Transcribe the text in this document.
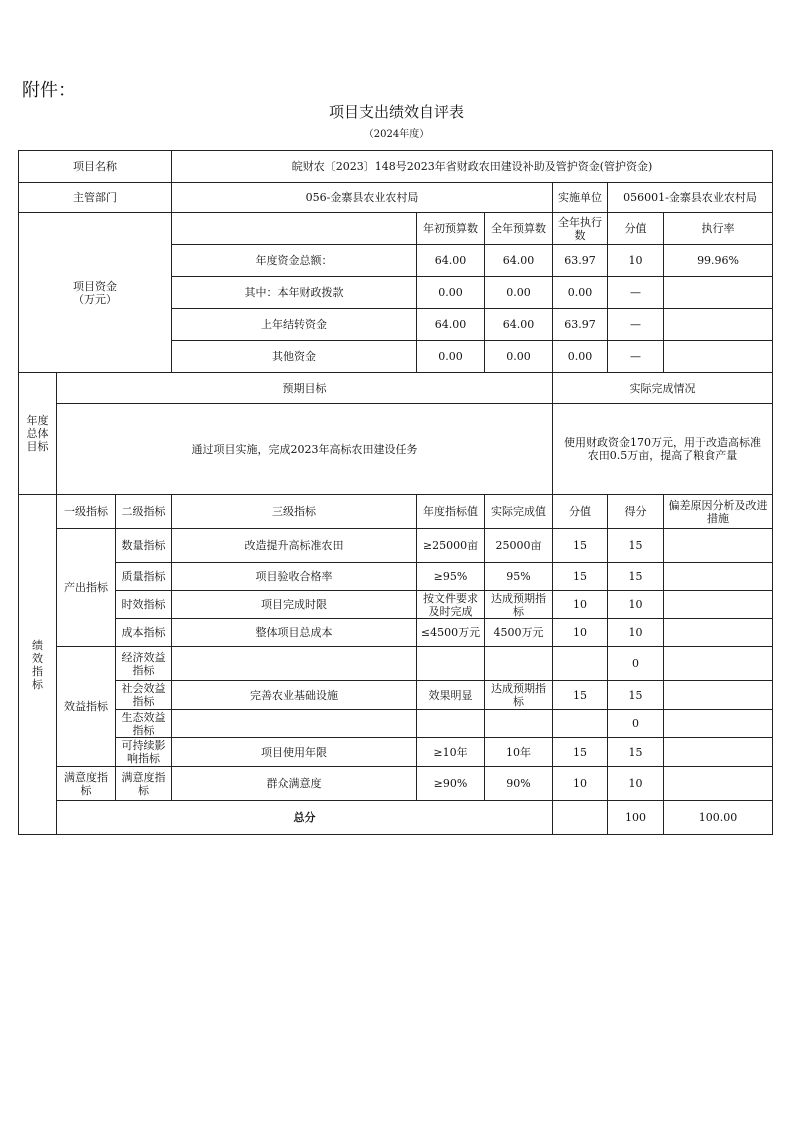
附件：
项目支出绩效自评表
（2024年度）
项目名称			皖财农〔2023〕148号2023年省财政农田建设补助及管护资金(管护资金)						
主管部门			056-金寨县农业农村局			实施单位	056001-金寨县农业农村局		

项目资金
（万元）				年初预算数	全年预算数	全年执行数	分值	执行率	
			年度资金总额：	64.00	64.00	63.97	10	99.96%	
			其中：本年财政拨款	0.00	0.00	0.00	—		
			上年结转资金	64.00	64.00	63.97	—		
			其他资金	0.00	0.00	0.00	—		
年度总体目标	预期目标					实际完成情况			
	通过项目实施，完成2023年高标农田建设任务					使用财政资金170万元，用于改造高标准农田0.5万亩，提高了粮食产量			
绩效指标	一级指标	二级指标	三级指标	年度指标值	实际完成值	分值	得分	偏差原因分析及改进措施	
	产出指标	数量指标	改造提升高标准农田	≥25000亩	25000亩	15	15		
		质量指标	项目验收合格率	≥95%	95%	15	15		
		时效指标	项目完成时限	按文件要求及时完成	达成预期指标	10	10		
		成本指标	整体项目总成本	≤4500万元	4500万元	10	10		
	效益指标	经济效益指标					0		
		社会效益指标	完善农业基础设施	效果明显	达成预期指标	15	15		
		生态效益指标					0		
		可持续影响指标	项目使用年限	≥10年	10年	15	15		
	满意度指标	满意度指标	群众满意度	≥90%	90%	10	10		
	总分						100	100.00	
